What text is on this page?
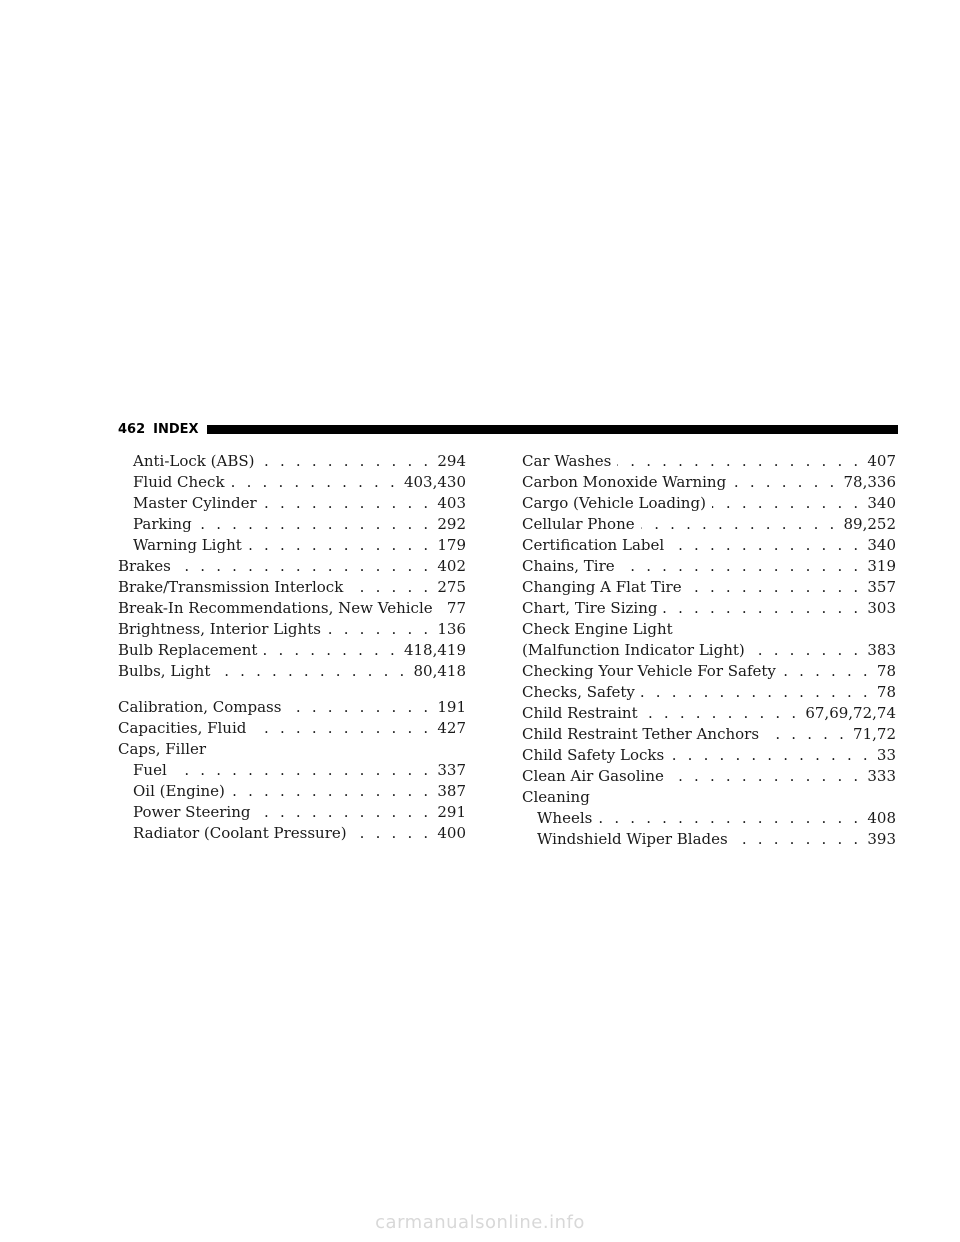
462 INDEX
Anti-Lock (ABS) . . .	294
Fluid Check . . .	403,430
Master Cylinder . . .	403
Parking . . .	292
Warning Light . . .	179
Brakes . . .	402
Brake/Transmission Interlock . . .	275
Break-In Recommendations, New Vehicle . . . 77
Brightness, Interior Lights . . .	136
Bulb Replacement . . .	418,419
Bulbs, Light . . .	80,418
Calibration, Compass . . .	191
Capacities, Fluid . . .	427
Caps, Filler
Fuel . . .	337
Oil (Engine) . . .	387
Power Steering . . .	291
Radiator (Coolant Pressure) . . .	400
Car Washes . . .	407
Carbon Monoxide Warning . . .	78,336
Cargo (Vehicle Loading) . . .	340
Cellular Phone . . .	89,252
Certification Label . . .	340
Chains, Tire . . .	319
Changing A Flat Tire . . .	357
Chart, Tire Sizing . . .	303
Check Engine Light
(Malfunction Indicator Light) . . .	383
Checking Your Vehicle For Safety . . .	78
Checks, Safety . . .	78
Child Restraint . . .	67,69,72,74
Child Restraint Tether Anchors . . .	71,72
Child Safety Locks . . .	33
Clean Air Gasoline . . .	333
Cleaning
Wheels . . .	408
Windshield Wiper Blades . . .	393
carmanualsonline.info
